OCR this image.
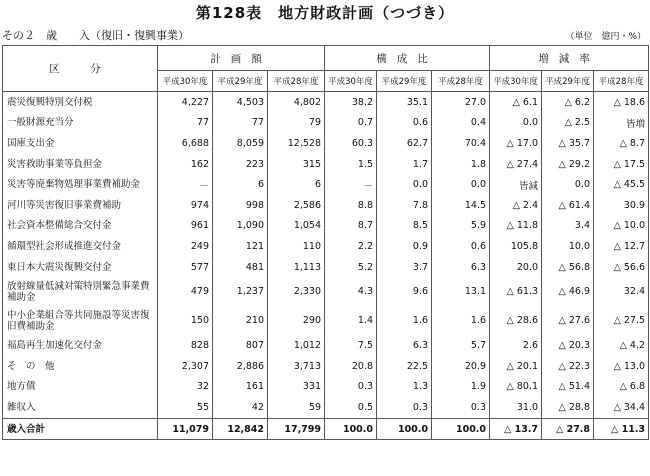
第128表　地方財政計画（つづき）
その２　歳　　入（復旧・復興事業）	（単位　億円・%）
区　分	計画額			構成比			増減率		
	平成30年度	平成29年度	平成28年度	平成30年度	平成29年度	平成28年度	平成30年度	平成29年度	平成28年度
震災復興特別交付税	4,227	4,503	4,802	38.2	35.1	27.0	△ 6.1	△ 6.2	△ 18.6
一般財源充当分	77	77	79	0.7	0.6	0.4	0.0	△ 2.5	皆増
国庫支出金	6,688	8,059	12,528	60.3	62.7	70.4	△ 17.0	△ 35.7	△ 8.7
災害救助事業等負担金	162	223	315	1.5	1.7	1.8	△ 27.4	△ 29.2	△ 17.5
災害等廃棄物処理事業費補助金	－	6	6	－	0.0	0.0	皆減	0.0	△ 45.5
河川等災害復旧事業費補助	974	998	2,586	8.8	7.8	14.5	△ 2.4	△ 61.4	30.9
社会資本整備総合交付金	961	1,090	1,054	8.7	8.5	5.9	△ 11.8	3.4	△ 10.0
循環型社会形成推進交付金	249	121	110	2.2	0.9	0.6	105.8	10.0	△ 12.7
東日本大震災復興交付金	577	481	1,113	5.2	3.7	6.3	20.0	△ 56.8	△ 56.6
放射線量低減対策特別緊急事業費補助金	479	1,237	2,330	4.3	9.6	13.1	△ 61.3	△ 46.9	32.4
中小企業組合等共同施設等災害復旧費補助金	150	210	290	1.4	1.6	1.6	△ 28.6	△ 27.6	△ 27.5
福島再生加速化交付金	828	807	1,012	7.5	6.3	5.7	2.6	△ 20.3	△ 4.2
そ　の　他	2,307	2,886	3,713	20.8	22.5	20.9	△ 20.1	△ 22.3	△ 13.0
地方債	32	161	331	0.3	1.3	1.9	△ 80.1	△ 51.4	△ 6.8
雑収入	55	42	59	0.5	0.3	0.3	31.0	△ 28.8	△ 34.4
歳入合計	11,079	12,842	17,799	100.0	100.0	100.0	△ 13.7	△ 27.8	△ 11.3
